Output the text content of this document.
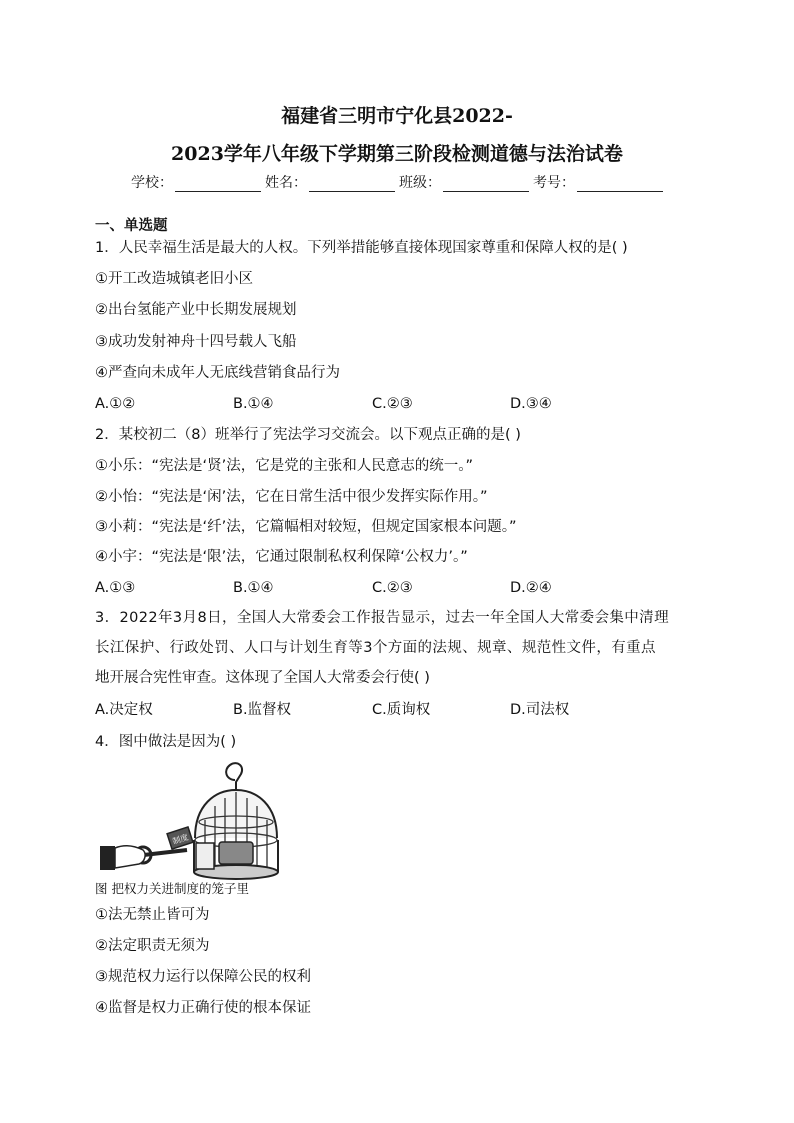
福建省三明市宁化县2022-
2023学年八年级下学期第三阶段检测道德与法治试卷
学校：	姓名：	班级：	考号：
一、单选题
1．人民幸福生活是最大的人权。下列举措能够直接体现国家尊重和保障人权的是( )
①开工改造城镇老旧小区
②出台氢能产业中长期发展规划
③成功发射神舟十四号载人飞船
④严查向未成年人无底线营销食品行为
A.①②	B.①④	C.②③	D.③④
2．某校初二（8）班举行了宪法学习交流会。以下观点正确的是( )
①小乐：“宪法是‘贤’法，它是党的主张和人民意志的统一。”
②小怡：“宪法是‘闲’法，它在日常生活中很少发挥实际作用。”
③小莉：“宪法是‘纤’法，它篇幅相对较短，但规定国家根本问题。”
④小宇：“宪法是‘限’法，它通过限制私权利保障‘公权力’。”
A.①③	B.①④	C.②③	D.②④
3．2022年3月8日，全国人大常委会工作报告显示，过去一年全国人大常委会集中清理
长江保护、行政处罚、人口与计划生育等3个方面的法规、规章、规范性文件，有重点
地开展合宪性审查。这体现了全国人大常委会行使( )
A.决定权	B.监督权	C.质询权	D.司法权
4．图中做法是因为( )
制度
图 把权力关进制度的笼子里
①法无禁止皆可为
②法定职责无须为
③规范权力运行以保障公民的权利
④监督是权力正确行使的根本保证
